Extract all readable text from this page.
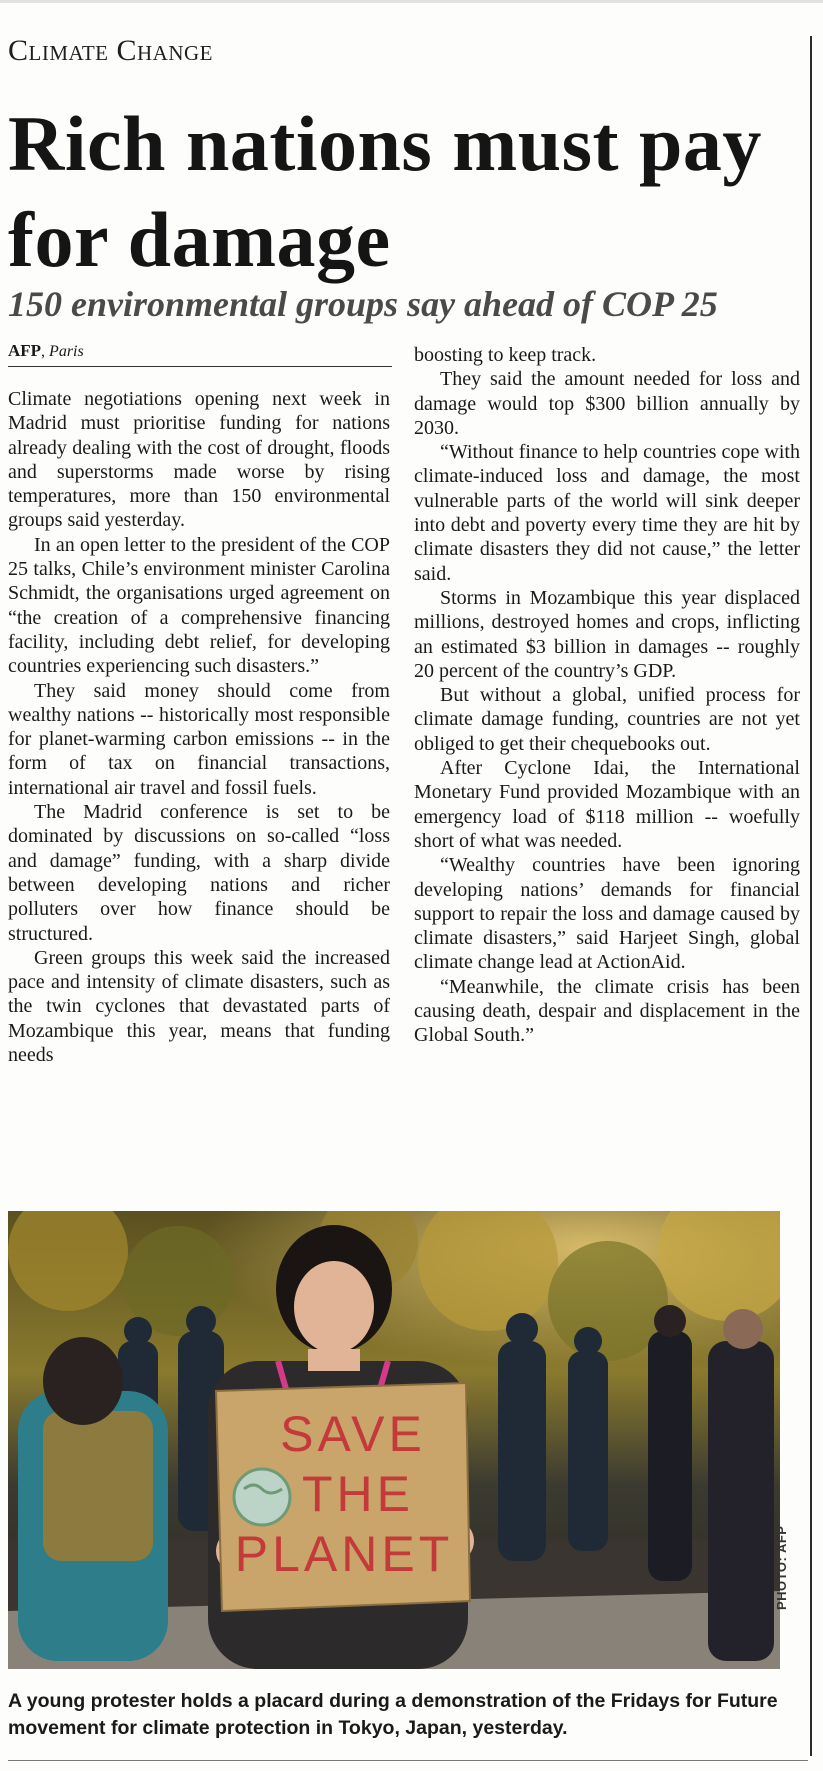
Climate Change
Rich nations must pay for damage
150 environmental groups say ahead of COP 25
AFP, Paris

Climate negotiations opening next week in Madrid must prioritise funding for nations already dealing with the cost of drought, floods and superstorms made worse by rising temperatures, more than 150 environmental groups said yesterday.

In an open letter to the president of the COP 25 talks, Chile’s environment minister Carolina Schmidt, the organisations urged agreement on “the creation of a comprehensive financing facility, including debt relief, for developing countries experiencing such disasters.”

They said money should come from wealthy nations -- historically most responsible for planet-warming carbon emissions -- in the form of tax on financial transactions, international air travel and fossil fuels.

The Madrid conference is set to be dominated by discussions on so-called “loss and damage” funding, with a sharp divide between developing nations and richer polluters over how finance should be structured.

Green groups this week said the increased pace and intensity of climate disasters, such as the twin cyclones that devastated parts of Mozambique this year, means that funding needs

boosting to keep track.

They said the amount needed for loss and damage would top $300 billion annually by 2030.

“Without finance to help countries cope with climate-induced loss and damage, the most vulnerable parts of the world will sink deeper into debt and poverty every time they are hit by climate disasters they did not cause,” the letter said.

Storms in Mozambique this year displaced millions, destroyed homes and crops, inflicting an estimated $3 billion in damages -- roughly 20 percent of the country’s GDP.

But without a global, unified process for climate damage funding, countries are not yet obliged to get their chequebooks out.

After Cyclone Idai, the International Monetary Fund provided Mozambique with an emergency load of $118 million -- woefully short of what was needed.

“Wealthy countries have been ignoring developing nations’ demands for financial support to repair the loss and damage caused by climate disasters,” said Harjeet Singh, global climate change lead at ActionAid.

“Meanwhile, the climate crisis has been causing death, despair and displacement in the Global South.”

SAVE
THE
PLANET	PHOTO: AFP
A young protester holds a placard during a demonstration of the Fridays for Future movement for climate protection in Tokyo, Japan, yesterday.
